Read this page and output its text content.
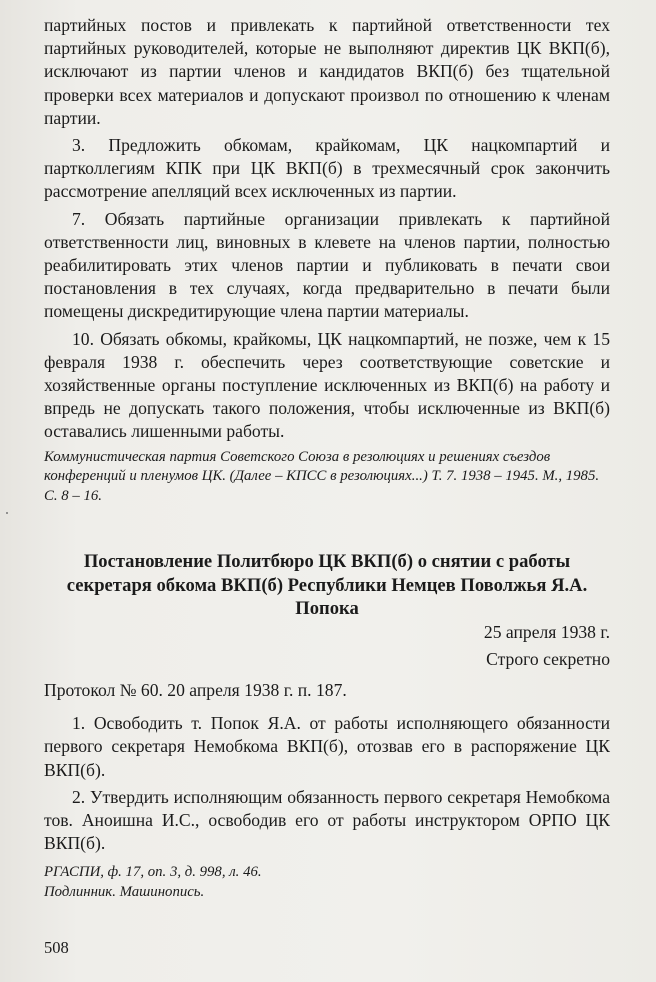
партийных постов и привлекать к партийной ответственности тех партийных руководителей, которые не выполняют директив ЦК ВКП(б), исключают из партии членов и кандидатов ВКП(б) без тщательной проверки всех материалов и допускают произвол по отношению к членам партии.

3. Предложить обкомам, крайкомам, ЦК нацкомпартий и партколлегиям КПК при ЦК ВКП(б) в трехмесячный срок закончить рассмотрение апелляций всех исключенных из партии.

7. Обязать партийные организации привлекать к партийной ответственности лиц, виновных в клевете на членов партии, полностью реабилитировать этих членов партии и публиковать в печати свои постановления в тех случаях, когда предварительно в печати были помещены дискредитирующие члена партии материалы.

10. Обязать обкомы, крайкомы, ЦК нацкомпартий, не позже, чем к 15 февраля 1938 г. обеспечить через соответствующие советские и хозяйственные органы поступление исключенных из ВКП(б) на работу и впредь не допускать такого положения, чтобы исключенные из ВКП(б) оставались лишенными работы.

Коммунистическая партия Советского Союза в резолюциях и решениях съездов конференций и пленумов ЦК. (Далее – КПСС в резолюциях...) Т. 7. 1938 – 1945. М., 1985. С. 8 – 16.

Постановление Политбюро ЦК ВКП(б) о снятии с работы секретаря обкома ВКП(б) Республики Немцев Поволжья Я.А. Попока

25 апреля 1938 г.

Строго секретно

Протокол № 60. 20 апреля 1938 г. п. 187.

1. Освободить т. Попок Я.А. от работы исполняющего обязанности первого секретаря Немобкома ВКП(б), отозвав его в распоряжение ЦК ВКП(б).

2. Утвердить исполняющим обязанность первого секретаря Немобкома тов. Аноишна И.С., освободив его от работы инструктором ОРПО ЦК ВКП(б).

РГАСПИ, ф. 17, оп. 3, д. 998, л. 46.

Подлинник. Машинопись.

508
